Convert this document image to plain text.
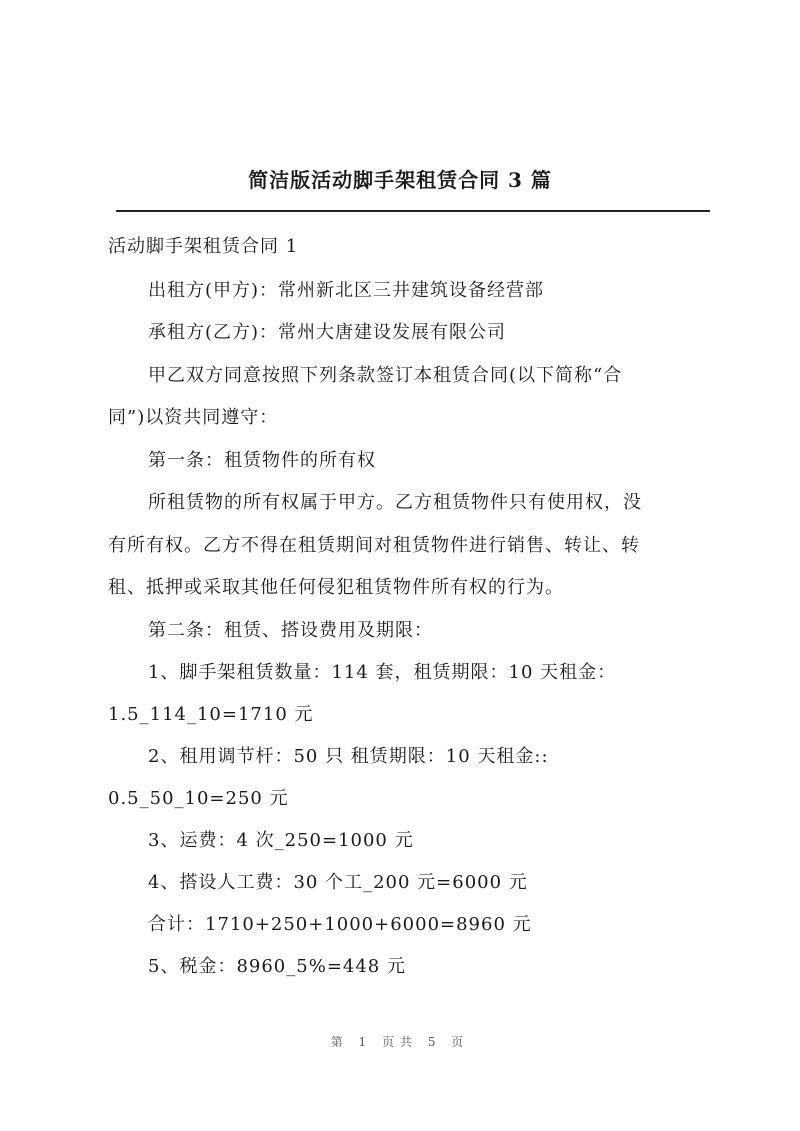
简洁版活动脚手架租赁合同 3 篇
活动脚手架租赁合同 1
出租方(甲方)：常州新北区三井建筑设备经营部
承租方(乙方)：常州大唐建设发展有限公司
甲乙双方同意按照下列条款签订本租赁合同(以下简称“合
同”)以资共同遵守：
第一条：租赁物件的所有权
所租赁物的所有权属于甲方。乙方租赁物件只有使用权，没
有所有权。乙方不得在租赁期间对租赁物件进行销售、转让、转
租、抵押或采取其他任何侵犯租赁物件所有权的行为。
第二条：租赁、搭设费用及期限：
1、脚手架租赁数量：114 套，租赁期限：10 天租金：
1.5_114_10=1710 元
2、租用调节杆：50 只 租赁期限：10 天租金::
0.5_50_10=250 元
3、运费：4 次_250=1000 元
4、搭设人工费：30 个工_200 元=6000 元
合计：1710+250+1000+6000=8960 元
5、税金：8960_5%=448 元
第 1 页共 5 页
